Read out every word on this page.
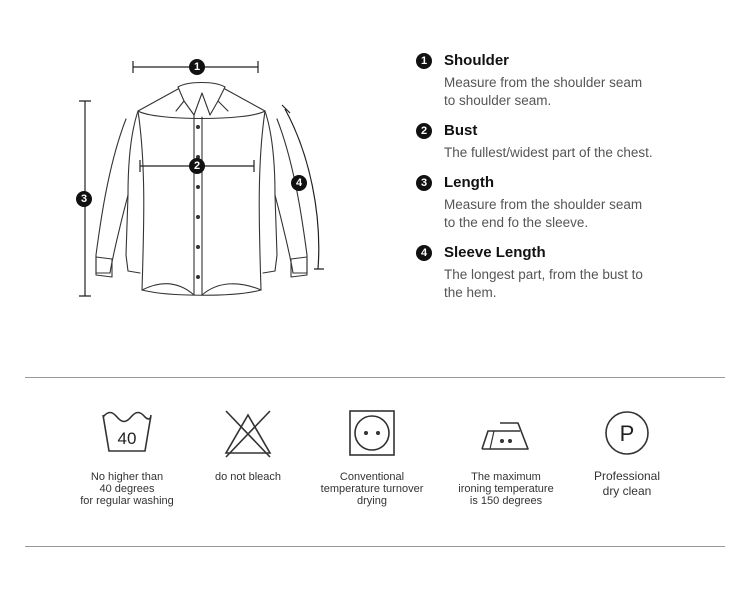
1
2
3
4
1	Shoulder
Measure from the shoulder seam
to shoulder seam.
2	Bust
The fullest/widest part of the chest.
3	Length
Measure from the shoulder seam
to the end fo the sleeve.
4	Sleeve Length
The longest part, from the bust to
the hem.
40
No higher than
40 degrees
for regular washing
do not bleach	Conventional
temperature turnover
drying
The maximum
ironing temperature
is 150 degrees
P
Professional
dry clean
